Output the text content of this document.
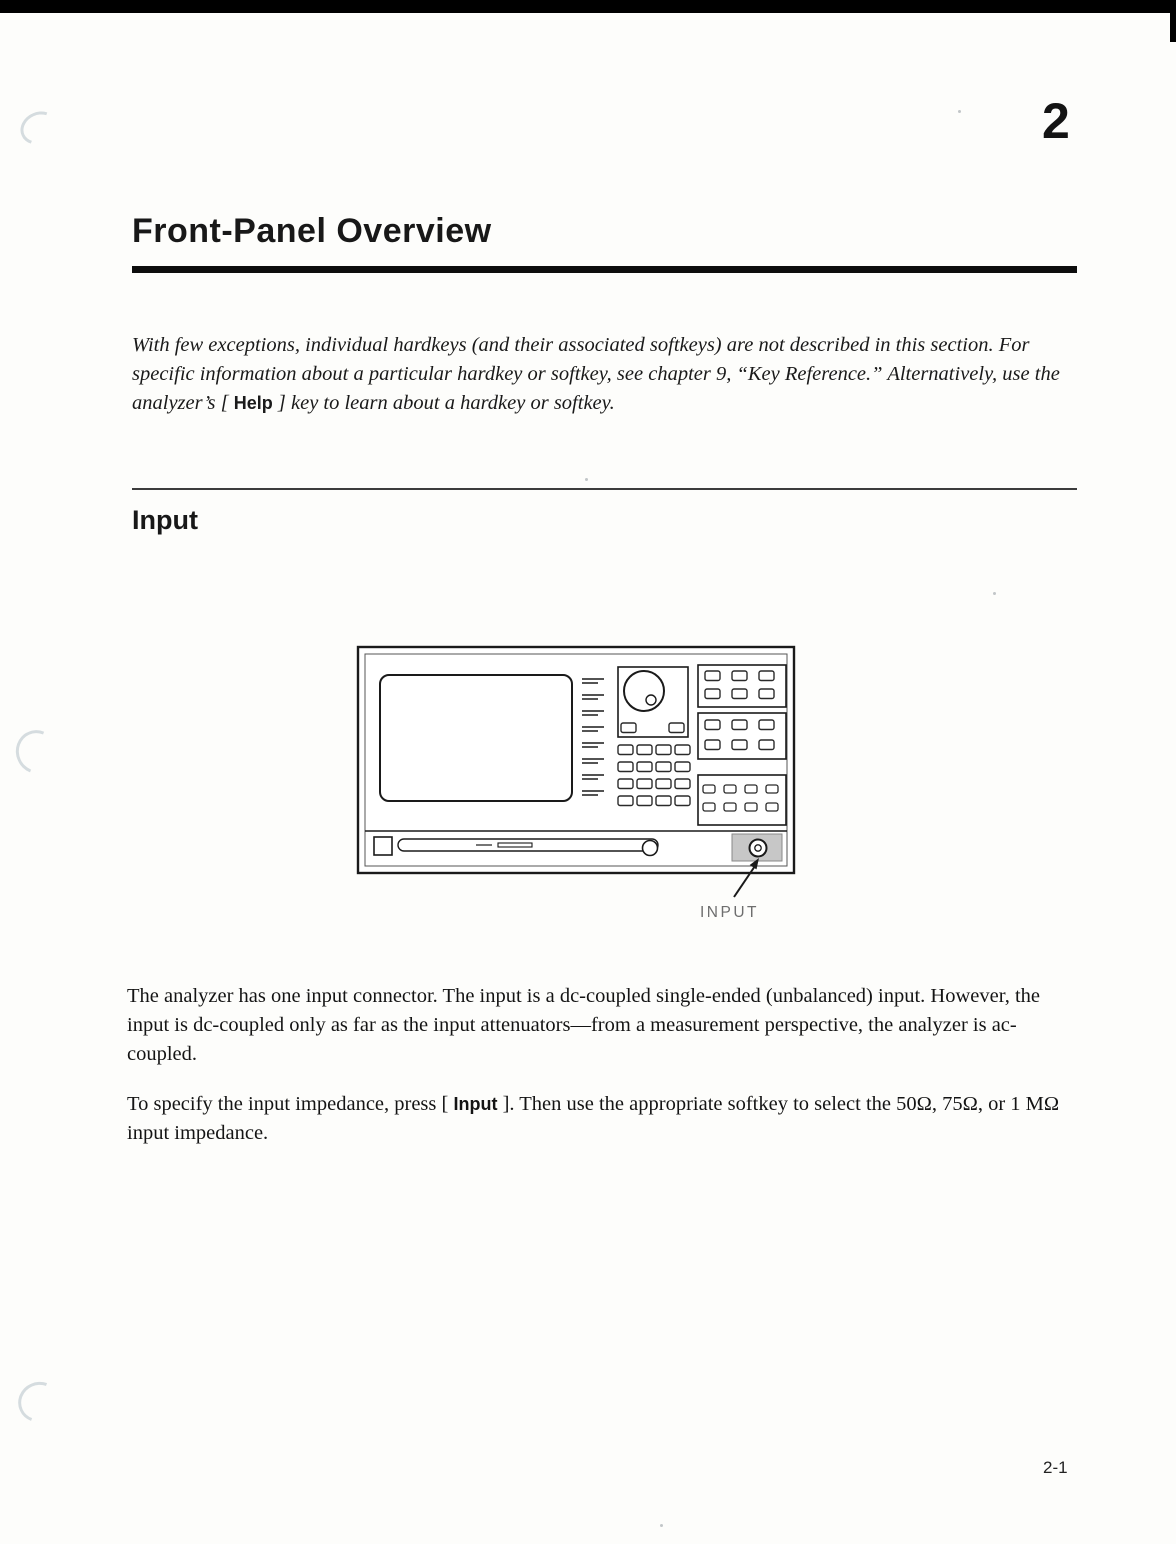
2
Front-Panel Overview

With few exceptions, individual hardkeys (and their associated softkeys) are not described in this section. For specific information about a particular hardkey or softkey, see chapter 9, “Key Reference.” Alternatively, use the analyzer’s [ Help ] key to learn about a hardkey or softkey.

Input
INPUT

The analyzer has one input connector. The input is a dc-coupled single-ended (unbalanced) input. However, the input is dc-coupled only as far as the input attenuators—from a measurement perspective, the analyzer is ac-coupled.

To specify the input impedance, press [ Input ]. Then use the appropriate softkey to select the 50Ω, 75Ω, or 1 MΩ input impedance.

2-1
